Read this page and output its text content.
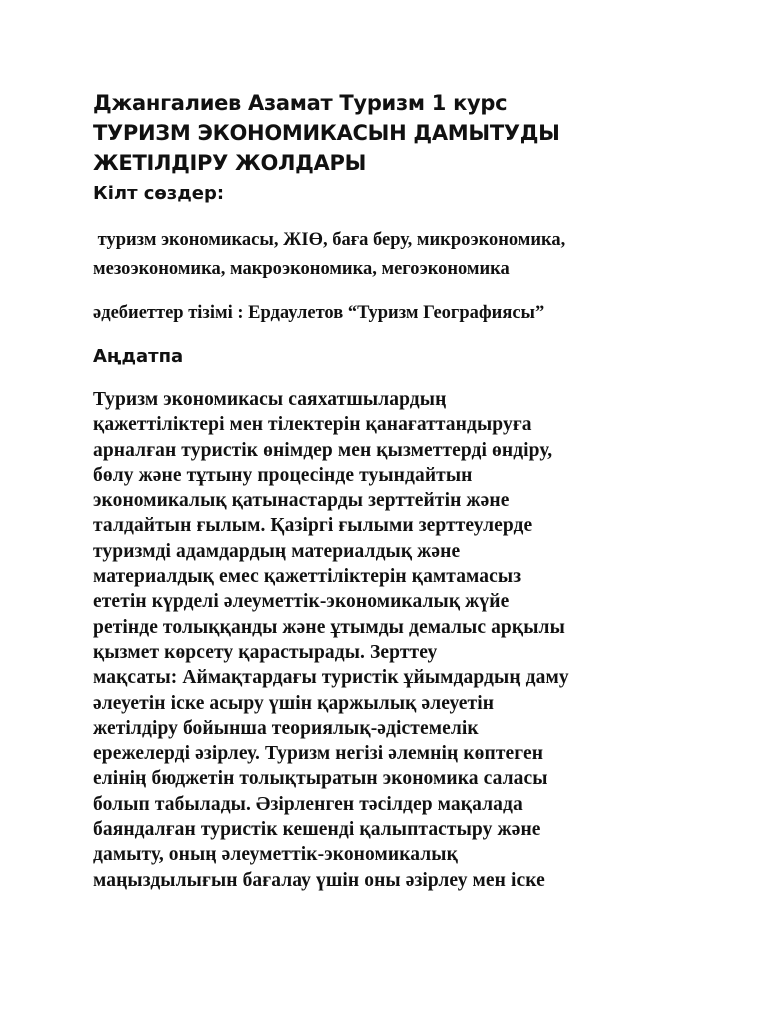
Джангалиев Азамат Туризм 1 курс
ТУРИЗМ ЭКОНОМИКАСЫН ДАМЫТУДЫ
ЖЕТІЛДІРУ ЖОЛДАРЫ
Кілт сөздер:

туризм экономикасы, ЖІӨ, баға беру, микроэкономика,

мезоэкономика, макроэкономика, мегоэкономика

әдебиеттер тізімі : Ердаулетов “Туризм Географиясы”

Аңдатпа
Туризм экономикасы саяхатшылардың
қажеттіліктері мен тілектерін қанағаттандыруға
арналған туристік өнімдер мен қызметтерді өндіру,
бөлу және тұтыну процесінде туындайтын
экономикалық қатынастарды зерттейтін және
талдайтын ғылым. Қазіргі ғылыми зерттеулерде
туризмді адамдардың материалдық және
материалдық емес қажеттіліктерін қамтамасыз
ететін күрделі әлеуметтік-экономикалық жүйе
ретінде толыққанды және ұтымды демалыс арқылы
қызмет көрсету қарастырады. Зерттеу
мақсаты: Аймақтардағы туристік ұйымдардың даму
әлеуетін іске асыру үшін қаржылық әлеуетін
жетілдіру бойынша теориялық-әдістемелік
ережелерді әзірлеу. Туризм негізі әлемнің көптеген
елінің бюджетін толықтыратын экономика саласы
болып табылады. Әзірленген тәсілдер мақалада
баяндалған туристік кешенді қалыптастыру және
дамыту, оның әлеуметтік-экономикалық
маңыздылығын бағалау үшін оны әзірлеу мен іске
